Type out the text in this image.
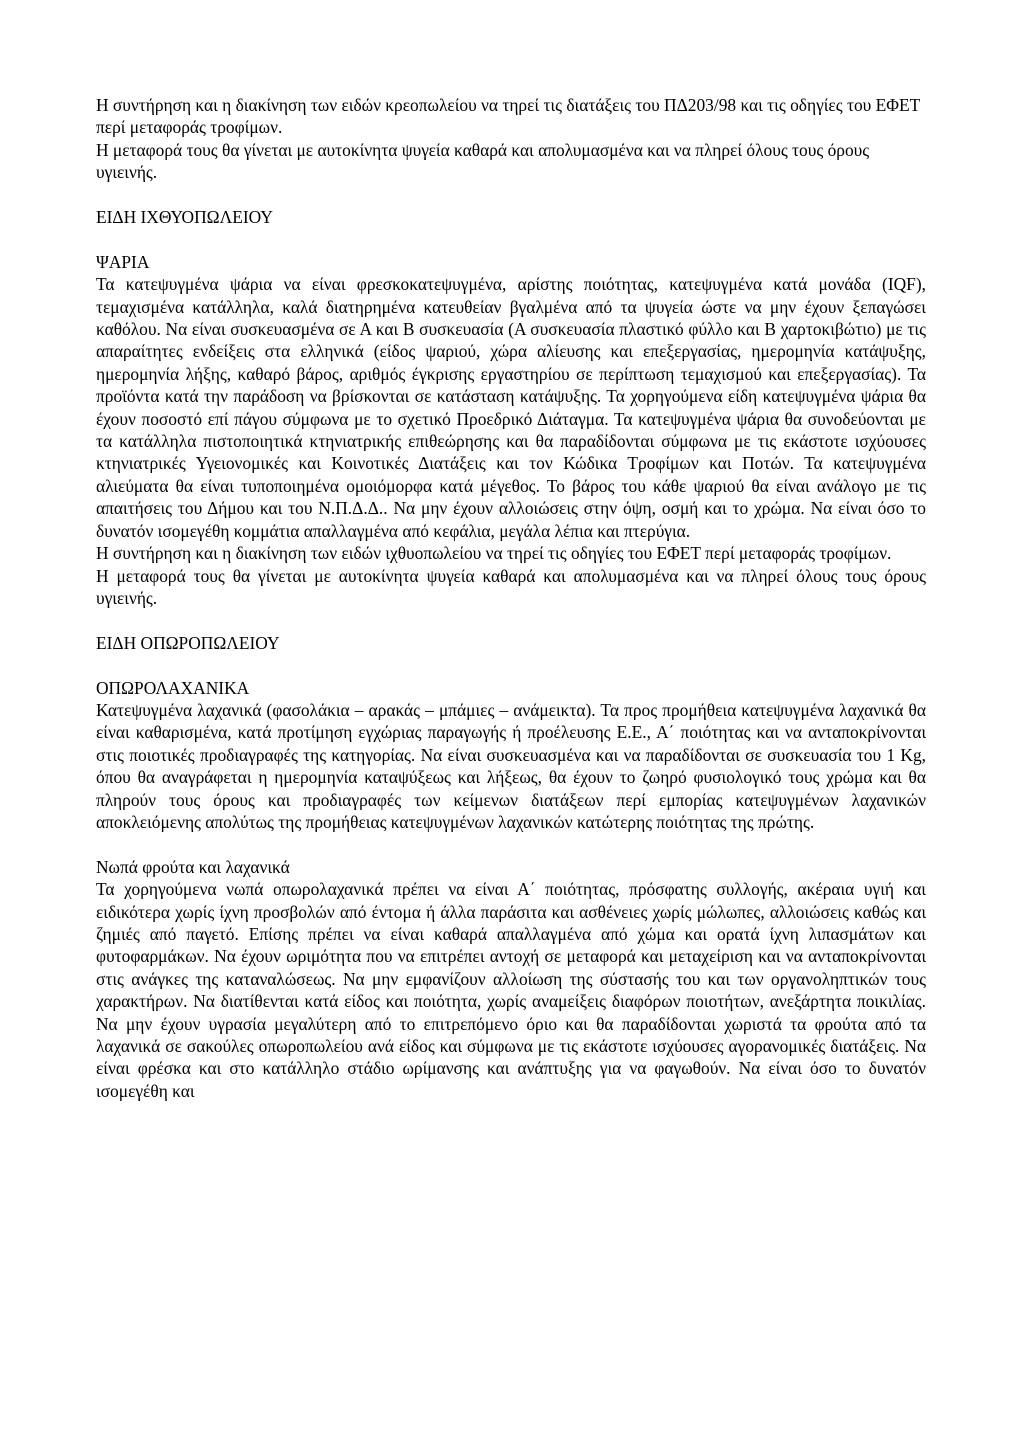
Η συντήρηση και η διακίνηση των ειδών κρεοπωλείου να τηρεί τις διατάξεις του ΠΔ203/98 και τις οδηγίες του ΕΦΕΤ περί μεταφοράς τροφίμων.

Η μεταφορά τους θα γίνεται με αυτοκίνητα ψυγεία καθαρά και απολυμασμένα και να πληρεί όλους τους όρους υγιεινής.

ΕΙΔΗ ΙΧΘΥΟΠΩΛΕΙΟΥ

ΨΑΡΙΑ

Τα κατεψυγμένα ψάρια να είναι φρεσκοκατεψυγμένα, αρίστης ποιότητας, κατεψυγμένα κατά μονάδα (IQF), τεμαχισμένα κατάλληλα, καλά διατηρημένα κατευθείαν βγαλμένα από τα ψυγεία ώστε να μην έχουν ξεπαγώσει καθόλου. Να είναι συσκευασμένα σε Α και Β συσκευασία (Α συσκευασία πλαστικό φύλλο και Β χαρτοκιβώτιο) με τις απαραίτητες ενδείξεις στα ελληνικά (είδος ψαριού, χώρα αλίευσης και επεξεργασίας, ημερομηνία κατάψυξης, ημερομηνία λήξης, καθαρό βάρος, αριθμός έγκρισης εργαστηρίου σε περίπτωση τεμαχισμού και επεξεργασίας). Τα προϊόντα κατά την παράδοση να βρίσκονται σε κατάσταση κατάψυξης. Τα χορηγούμενα είδη κατεψυγμένα ψάρια θα έχουν ποσοστό επί πάγου σύμφωνα με το σχετικό Προεδρικό Διάταγμα. Τα κατεψυγμένα ψάρια θα συνοδεύονται με τα κατάλληλα πιστοποιητικά κτηνιατρικής επιθεώρησης και θα παραδίδονται σύμφωνα με τις εκάστοτε ισχύουσες κτηνιατρικές Υγειονομικές και Κοινοτικές Διατάξεις και τον Κώδικα Τροφίμων και Ποτών. Τα κατεψυγμένα αλιεύματα θα είναι τυποποιημένα ομοιόμορφα κατά μέγεθος. Το βάρος του κάθε ψαριού θα είναι ανάλογο με τις απαιτήσεις του Δήμου και του Ν.Π.Δ.Δ.. Να μην έχουν αλλοιώσεις στην όψη, οσμή και το χρώμα. Να είναι όσο το δυνατόν ισομεγέθη κομμάτια απαλλαγμένα από κεφάλια, μεγάλα λέπια και πτερύγια.

Η συντήρηση και η διακίνηση των ειδών ιχθυοπωλείου να τηρεί τις οδηγίες του ΕΦΕΤ περί μεταφοράς τροφίμων.

Η μεταφορά τους θα γίνεται με αυτοκίνητα ψυγεία καθαρά και απολυμασμένα και να πληρεί όλους τους όρους υγιεινής.

ΕΙΔΗ ΟΠΩΡΟΠΩΛΕΙΟΥ

ΟΠΩΡΟΛΑΧΑΝΙΚΑ

Κατεψυγμένα λαχανικά (φασολάκια – αρακάς – μπάμιες – ανάμεικτα). Τα προς προμήθεια κατεψυγμένα λαχανικά θα είναι καθαρισμένα, κατά προτίμηση εγχώριας παραγωγής ή προέλευσης Ε.Ε., Α΄ ποιότητας και να ανταποκρίνονται στις ποιοτικές προδιαγραφές της κατηγορίας. Να είναι συσκευασμένα και να παραδίδονται σε συσκευασία του 1 Kg, όπου θα αναγράφεται η ημερομηνία καταψύξεως και λήξεως, θα έχουν το ζωηρό φυσιολογικό τους χρώμα και θα πληρούν τους όρους και προδιαγραφές των κείμενων διατάξεων περί εμπορίας κατεψυγμένων λαχανικών αποκλειόμενης απολύτως της προμήθειας κατεψυγμένων λαχανικών κατώτερης ποιότητας της πρώτης.

Νωπά φρούτα και λαχανικά

Τα χορηγούμενα νωπά οπωρολαχανικά πρέπει να είναι Α΄ ποιότητας, πρόσφατης συλλογής, ακέραια υγιή και ειδικότερα χωρίς ίχνη προσβολών από έντομα ή άλλα παράσιτα και ασθένειες χωρίς μώλωπες, αλλοιώσεις καθώς και ζημιές από παγετό. Επίσης πρέπει να είναι καθαρά απαλλαγμένα από χώμα και ορατά ίχνη λιπασμάτων και φυτοφαρμάκων. Να έχουν ωριμότητα που να επιτρέπει αντοχή σε μεταφορά και μεταχείριση και να ανταποκρίνονται στις ανάγκες της καταναλώσεως. Να μην εμφανίζουν αλλοίωση της σύστασής του και των οργανοληπτικών τους χαρακτήρων. Να διατίθενται κατά είδος και ποιότητα, χωρίς αναμείξεις διαφόρων ποιοτήτων, ανεξάρτητα ποικιλίας. Να μην έχουν υγρασία μεγαλύτερη από το επιτρεπόμενο όριο και θα παραδίδονται χωριστά τα φρούτα από τα λαχανικά σε σακούλες οπωροπωλείου ανά είδος και σύμφωνα με τις εκάστοτε ισχύουσες αγορανομικές διατάξεις. Να είναι φρέσκα και στο κατάλληλο στάδιο ωρίμανσης και ανάπτυξης για να φαγωθούν. Να είναι όσο το δυνατόν ισομεγέθη και
